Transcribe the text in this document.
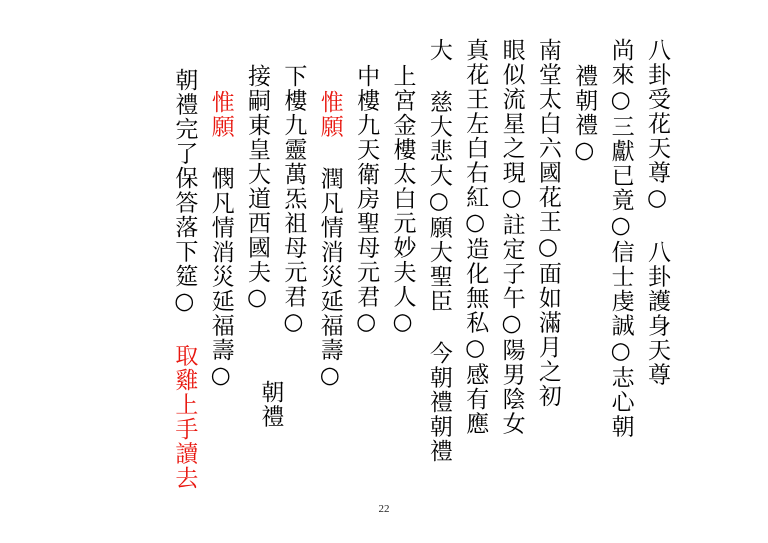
八卦受花天尊○ 八卦護身天尊
尚來○三獻已竟○信士虔誠○志心朝
禮朝禮○
南堂太白六國花王○面如滿月之初
眼似流星之現○註定子午○陽男陰女
真花王左白右紅○造化無私○感有應
大 慈大悲大○願大聖臣 今朝禮朝禮
上宮金樓太白元妙夫人○
中樓九天衛房聖母元君○
惟願 潤凡情消災延福壽○
下樓九靈萬炁祖母元君○
接嗣東皇大道西國夫○
惟願 憫凡情消災延福壽○
朝禮完了保答落下筵○ 取雞上手讀去	朝禮
22
